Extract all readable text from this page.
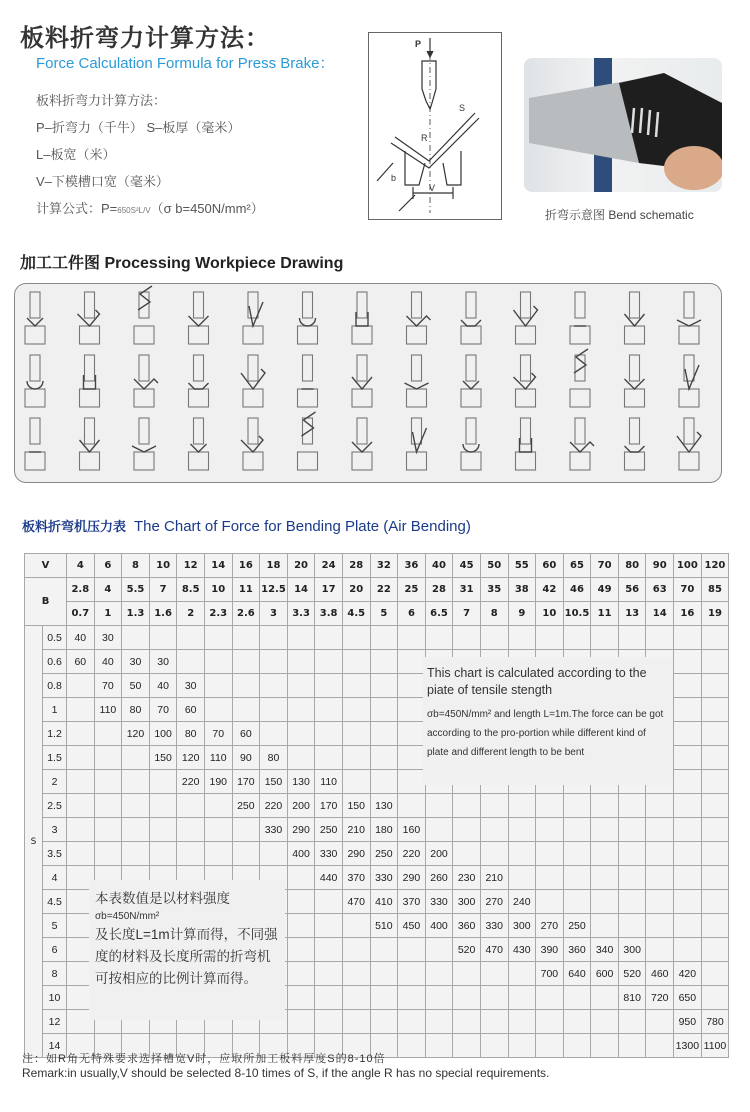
板料折弯力计算方法：
Force Calculation Formula for Press Brake：
板料折弯力计算方法：
P–折弯力（千牛） S–板厚（毫米）
L–板宽（米）
V–下模槽口宽（毫米）
计算公式：P=650S²L/V（σ b=450N/mm²）
P
S
R
b
V
折弯示意图 Bend schematic
加工工件图 Processing Workpiece Drawing
板料折弯机压力表 The Chart of Force for Bending Plate (Air Bending)
V		4	6	8	10	12	14	16	18	20	24	28	32	36	40	45	50	55	60	65	70	80	90	100	120
B		2.8	4	5.5	7	8.5	10	11	12.5	14	17	20	22	25	28	31	35	38	42	46	49	56	63	70	85
		0.7	1	1.3	1.6	2	2.3	2.6	3	3.3	3.8	4.5	5	6	6.5	7	8	9	10	10.5	11	13	14	16	19
S	0.5	40	30																						
	0.6	60	40	30	30																				
	0.8		70	50	40	30																			
	1		110	80	70	60																			
	1.2			120	100	80	70	60																	
	1.5				150	120	110	90	80																
	2					220	190	170	150	130	110														
	2.5							250	220	200	170	150	130												
	3								330	290	250	210	180	160											
	3.5									400	330	290	250	220	200										
	4										440	370	330	290	260	230	210								
	4.5											470	410	370	330	300	270	240							
	5												510	450	400	360	330	300	270	250					
	6															520	470	430	390	360	340	300			
	8																		700	640	600	520	460	420	
	10																					810	720	650	
	12																							950	780
	14																							1300	1100
This chart is calculated according to the piate of tensile stength
σb=450N/mm² and length L=1m.The force can be got according to the pro-portion while different kind of plate and different length to be bent
本表数值是以材料强度
σb=450N/mm²
及长度L=1m计算而得，不同强度的材料及长度所需的折弯机可按相应的比例计算而得。
注：如R角无特殊要求选择槽宽V时，应取所加工板料厚度S的8-10倍
Remark:in usually,V should be selected 8-10 times of S, if the angle R has no special requirements.
